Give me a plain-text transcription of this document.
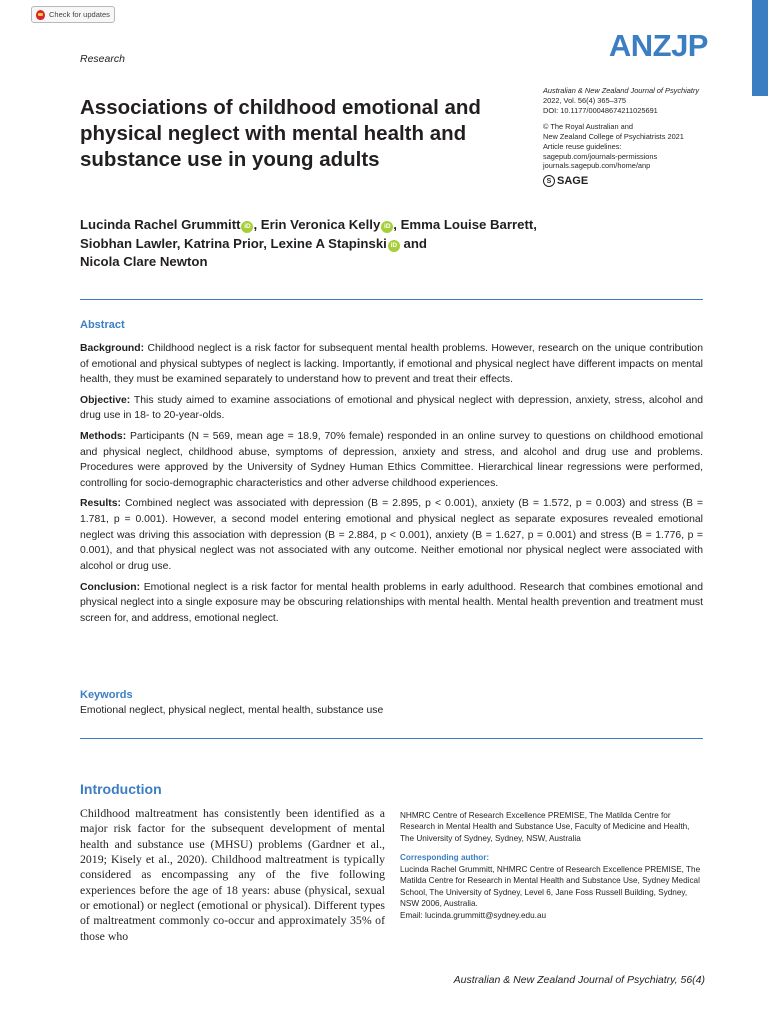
Check for updates
Research	ANZJP
Associations of childhood emotional and physical neglect with mental health and substance use in young adults
Australian & New Zealand Journal of Psychiatry
2022, Vol. 56(4) 365–375
DOI: 10.1177/00048674211025691
© The Royal Australian and
New Zealand College of Psychiatrists 2021
Article reuse guidelines:
sagepub.com/journals-permissions
journals.sagepub.com/home/anp
S SAGE
Lucinda Rachel Grummitt iD , Erin Veronica Kelly iD , Emma Louise Barrett,
Siobhan Lawler, Katrina Prior, Lexine A Stapinski iD and
Nicola Clare Newton
Abstract

Background: Childhood neglect is a risk factor for subsequent mental health problems. However, research on the unique contribution of emotional and physical subtypes of neglect is lacking. Importantly, if emotional and physical neglect have different impacts on mental health, they must be examined separately to understand how to prevent and treat their effects.

Objective: This study aimed to examine associations of emotional and physical neglect with depression, anxiety, stress, alcohol and drug use in 18- to 20-year-olds.

Methods: Participants (N = 569, mean age = 18.9, 70% female) responded in an online survey to questions on childhood emotional and physical neglect, childhood abuse, symptoms of depression, anxiety and stress, and alcohol and drug use and problems. Procedures were approved by the University of Sydney Human Ethics Committee. Hierarchical linear regressions were performed, controlling for socio-demographic characteristics and other adverse childhood experiences.

Results: Combined neglect was associated with depression (B = 2.895, p < 0.001), anxiety (B = 1.572, p = 0.003) and stress (B = 1.781, p = 0.001). However, a second model entering emotional and physical neglect as separate exposures revealed emotional neglect was driving this association with depression (B = 2.884, p < 0.001), anxiety (B = 1.627, p = 0.001) and stress (B = 1.776, p = 0.001), and that physical neglect was not associated with any outcome. Neither emotional nor physical neglect were associated with alcohol or drug use.

Conclusion: Emotional neglect is a risk factor for mental health problems in early adulthood. Research that combines emotional and physical neglect into a single exposure may be obscuring relationships with mental health. Mental health prevention and treatment must screen for, and address, emotional neglect.

Keywords
Emotional neglect, physical neglect, mental health, substance use
Introduction
Childhood maltreatment has consistently been identified as a major risk factor for the subsequent development of mental health and substance use (MHSU) problems (Gardner et al., 2019; Kisely et al., 2020). Childhood maltreatment is typically considered as encompassing any of the five following experiences before the age of 18 years: abuse (physical, sexual or emotional) or neglect (emotional or physical). Different types of maltreatment commonly co-occur and approximately 35% of those who
NHMRC Centre of Research Excellence PREMISE, The Matilda Centre for Research in Mental Health and Substance Use, Faculty of Medicine and Health, The University of Sydney, Sydney, NSW, Australia
Corresponding author:
Lucinda Rachel Grummitt, NHMRC Centre of Research Excellence PREMISE, The Matilda Centre for Research in Mental Health and Substance Use, Sydney Medical School, The University of Sydney, Level 6, Jane Foss Russell Building, Sydney, NSW 2006, Australia.
Email: lucinda.grummitt@sydney.edu.au
Australian & New Zealand Journal of Psychiatry, 56(4)
